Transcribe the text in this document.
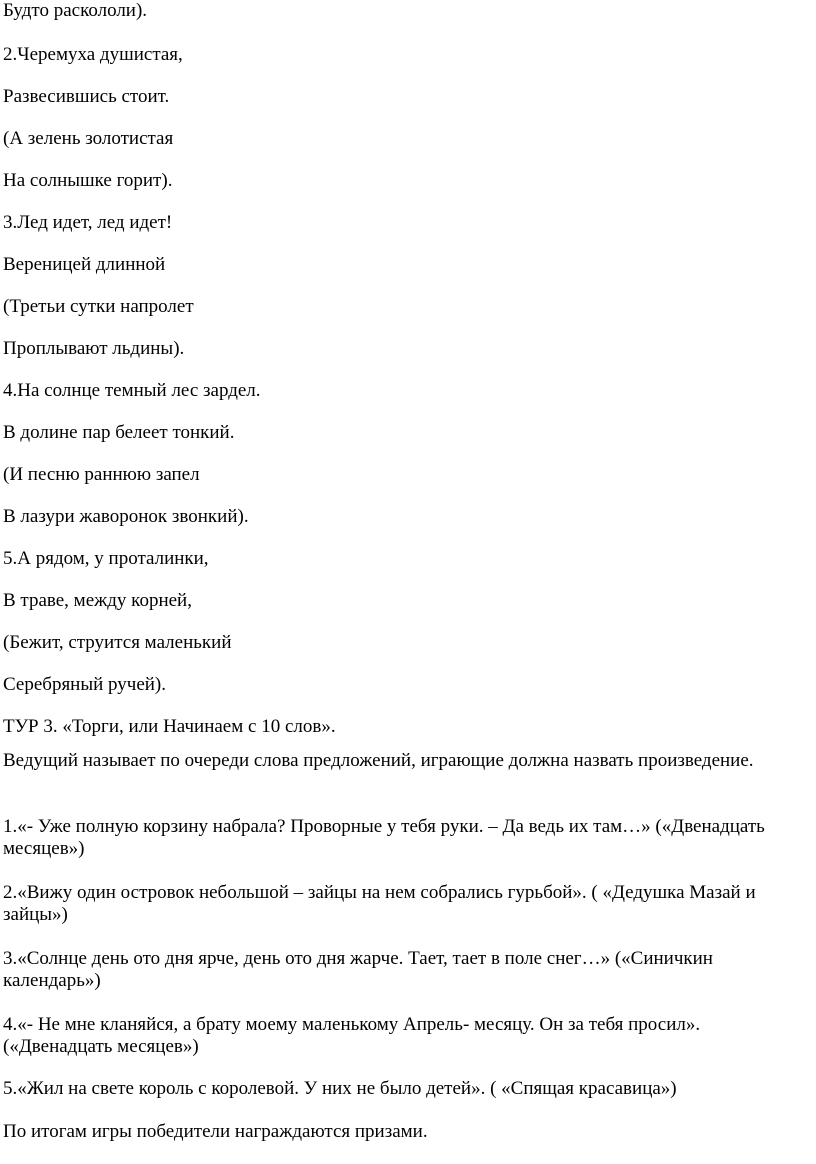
Будто раскололи).

2.Черемуха душистая,

Развесившись стоит.

(А зелень золотистая

На солнышке горит).

3.Лед идет, лед идет!

Вереницей длинной

(Третьи сутки напролет

Проплывают льдины).

4.На солнце темный лес зардел.

В долине пар белеет тонкий.

(И песню раннюю запел

В лазури жаворонок звонкий).

5.А рядом, у проталинки,

В траве, между корней,

(Бежит, струится маленький

Серебряный ручей).

ТУР 3. «Торги, или Начинаем с 10 слов».

Ведущий называет по очереди слова предложений, играющие должна назвать произведение.

1.«- Уже полную корзину набрала? Проворные у тебя руки. – Да ведь их там…» («Двенадцать месяцев»)

2.«Вижу один островок небольшой – зайцы на нем собрались гурьбой». ( «Дедушка Мазай и зайцы»)

3.«Солнце день ото дня ярче, день ото дня жарче. Тает, тает в поле снег…» («Синичкин календарь»)

4.«- Не мне кланяйся, а брату моему маленькому Апрель- месяцу. Он за тебя просил». («Двенадцать месяцев»)

5.«Жил на свете король с королевой. У них не было детей». ( «Спящая красавица»)

По итогам игры победители награждаются призами.
